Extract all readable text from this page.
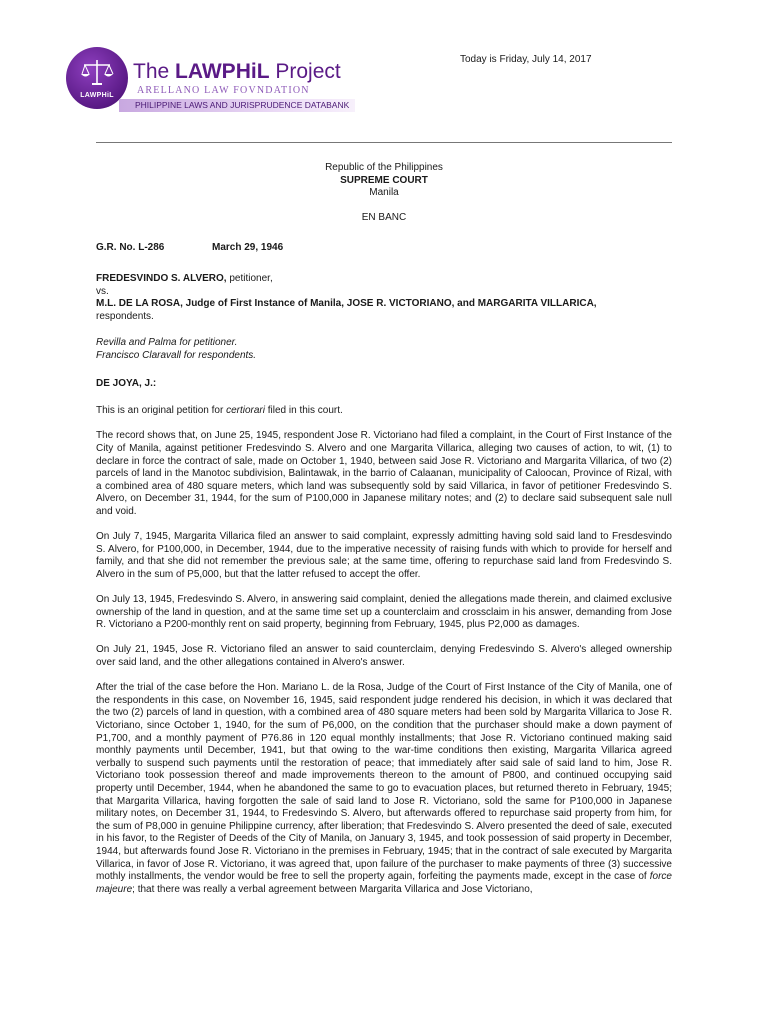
LAWPHiL
The LAWPHiL Project
ARELLANO LAW FOVNDATION
PHILIPPINE LAWS AND JURISPRUDENCE DATABANK
Today is Friday, July 14, 2017
Republic of the Philippines
SUPREME COURT
Manila
EN BANC
G.R. No. L-286	March 29, 1946
FREDESVINDO S. ALVERO, petitioner,
vs.
M.L. DE LA ROSA, Judge of First Instance of Manila, JOSE R. VICTORIANO, and MARGARITA VILLARICA,
respondents.
Revilla and Palma for petitioner.
Francisco Claravall for respondents.
DE JOYA, J.:

This is an original petition for certiorari filed in this court.

The record shows that, on June 25, 1945, respondent Jose R. Victoriano had filed a complaint, in the Court of First Instance of the City of Manila, against petitioner Fredesvindo S. Alvero and one Margarita Villarica, alleging two causes of action, to wit, (1) to declare in force the contract of sale, made on October 1, 1940, between said Jose R. Victoriano and Margarita Villarica, of two (2) parcels of land in the Manotoc subdivision, Balintawak, in the barrio of Calaanan, municipality of Caloocan, Province of Rizal, with a combined area of 480 square meters, which land was subsequently sold by said Villarica, in favor of petitioner Fredesvindo S. Alvero, on December 31, 1944, for the sum of P100,000 in Japanese military notes; and (2) to declare said subsequent sale null and void.

On July 7, 1945, Margarita Villarica filed an answer to said complaint, expressly admitting having sold said land to Fresdesvindo S. Alvero, for P100,000, in December, 1944, due to the imperative necessity of raising funds with which to provide for herself and family, and that she did not remember the previous sale; at the same time, offering to repurchase said land from Fredesvindo S. Alvero in the sum of P5,000, but that the latter refused to accept the offer.

On July 13, 1945, Fredesvindo S. Alvero, in answering said complaint, denied the allegations made therein, and claimed exclusive ownership of the land in question, and at the same time set up a counterclaim and crossclaim in his answer, demanding from Jose R. Victoriano a P200-monthly rent on said property, beginning from February, 1945, plus P2,000 as damages.

On July 21, 1945, Jose R. Victoriano filed an answer to said counterclaim, denying Fredesvindo S. Alvero's alleged ownership over said land, and the other allegations contained in Alvero's answer.

After the trial of the case before the Hon. Mariano L. de la Rosa, Judge of the Court of First Instance of the City of Manila, one of the respondents in this case, on November 16, 1945, said respondent judge rendered his decision, in which it was declared that the two (2) parcels of land in question, with a combined area of 480 square meters had been sold by Margarita Villarica to Jose R. Victoriano, since October 1, 1940, for the sum of P6,000, on the condition that the purchaser should make a down payment of P1,700, and a monthly payment of P76.86 in 120 equal monthly installments; that Jose R. Victoriano continued making said monthly payments until December, 1941, but that owing to the war-time conditions then existing, Margarita Villarica agreed verbally to suspend such payments until the restoration of peace; that immediately after said sale of said land to him, Jose R. Victoriano took possession thereof and made improvements thereon to the amount of P800, and continued occupying said property until December, 1944, when he abandoned the same to go to evacuation places, but returned thereto in February, 1945; that Margarita Villarica, having forgotten the sale of said land to Jose R. Victoriano, sold the same for P100,000 in Japanese military notes, on December 31, 1944, to Fredesvindo S. Alvero, but afterwards offered to repurchase said property from him, for the sum of P8,000 in genuine Philippine currency, after liberation; that Fredesvindo S. Alvero presented the deed of sale, executed in his favor, to the Register of Deeds of the City of Manila, on January 3, 1945, and took possession of said property in December, 1944, but afterwards found Jose R. Victoriano in the premises in February, 1945; that in the contract of sale executed by Margarita Villarica, in favor of Jose R. Victoriano, it was agreed that, upon failure of the purchaser to make payments of three (3) successive mothly installments, the vendor would be free to sell the property again, forfeiting the payments made, except in the case of force majeure; that there was really a verbal agreement between Margarita Villarica and Jose Victoriano,
